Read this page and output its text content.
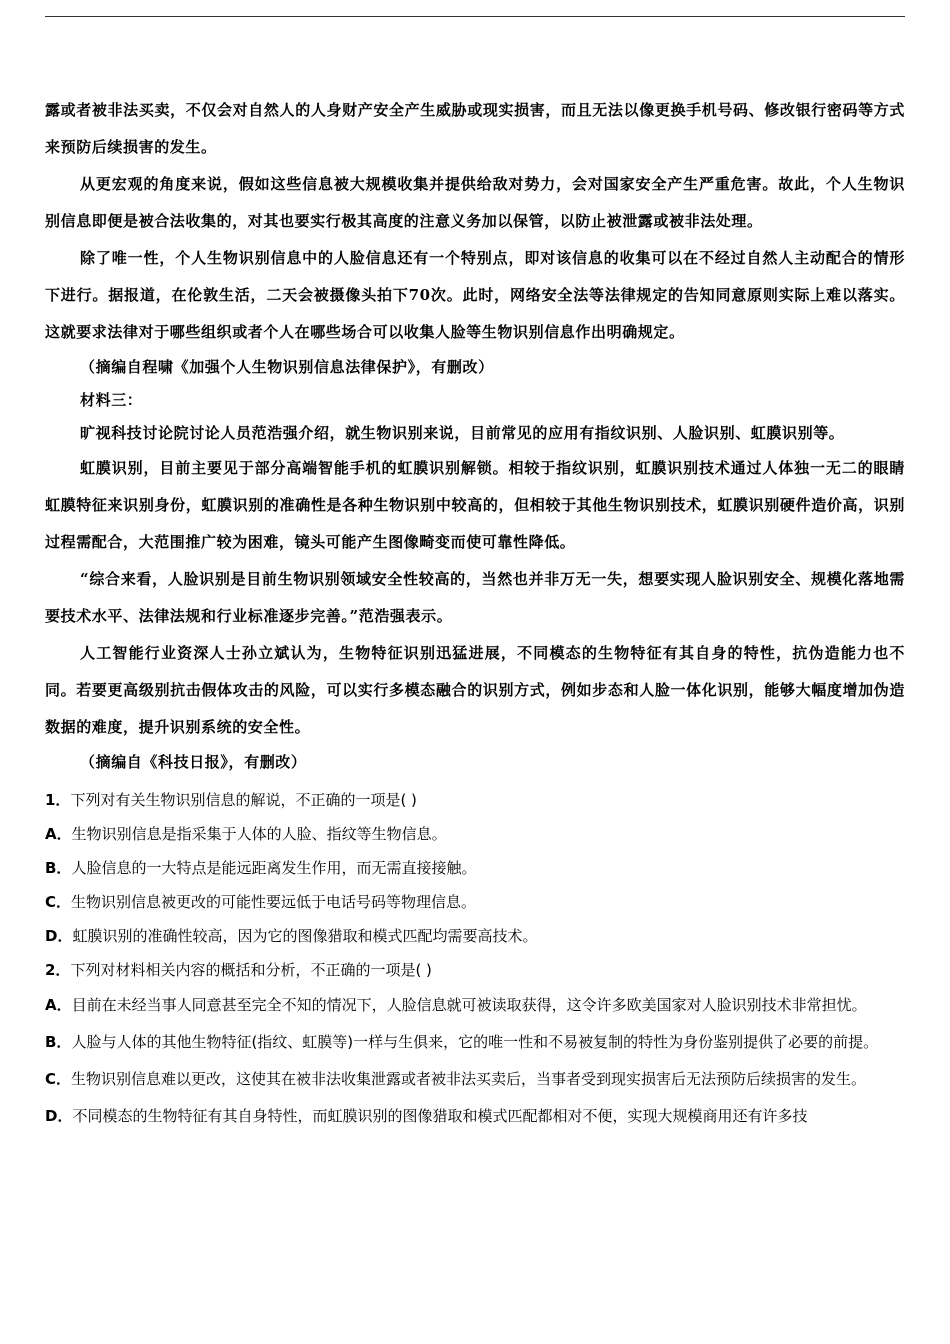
露或者被非法买卖，不仅会对自然人的人身财产安全产生威胁或现实损害，而且无法以像更换手机号码、修改银行密码等方式来预防后续损害的发生。

从更宏观的角度来说，假如这些信息被大规模收集并提供给敌对势力，会对国家安全产生严重危害。故此，个人生物识别信息即便是被合法收集的，对其也要实行极其高度的注意义务加以保管，以防止被泄露或被非法处理。

除了唯一性，个人生物识别信息中的人脸信息还有一个特别点，即对该信息的收集可以在不经过自然人主动配合的情形下进行。据报道，在伦敦生活，二天会被摄像头拍下70次。此时，网络安全法等法律规定的告知同意原则实际上难以落实。这就要求法律对于哪些组织或者个人在哪些场合可以收集人脸等生物识别信息作出明确规定。

（摘编自程啸《加强个人生物识别信息法律保护》，有删改）

材料三：

旷视科技讨论院讨论人员范浩强介绍，就生物识别来说，目前常见的应用有指纹识别、人脸识别、虹膜识别等。

虹膜识别，目前主要见于部分高端智能手机的虹膜识别解锁。相较于指纹识别，虹膜识别技术通过人体独一无二的眼睛虹膜特征来识别身份，虹膜识别的准确性是各种生物识别中较高的，但相较于其他生物识别技术，虹膜识别硬件造价高，识别过程需配合，大范围推广较为困难，镜头可能产生图像畸变而使可靠性降低。

“综合来看，人脸识别是目前生物识别领域安全性较高的，当然也并非万无一失，想要实现人脸识别安全、规模化落地需要技术水平、法律法规和行业标准逐步完善。”范浩强表示。

人工智能行业资深人士孙立斌认为，生物特征识别迅猛进展，不同模态的生物特征有其自身的特性，抗伪造能力也不同。若要更高级别抗击假体攻击的风险，可以实行多模态融合的识别方式，例如步态和人脸一体化识别，能够大幅度增加伪造数据的难度，提升识别系统的安全性。

（摘编自《科技日报》，有删改）

1．下列对有关生物识别信息的解说，不正确的一项是( )

A．生物识别信息是指采集于人体的人脸、指纹等生物信息。

B．人脸信息的一大特点是能远距离发生作用，而无需直接接触。

C．生物识别信息被更改的可能性要远低于电话号码等物理信息。

D．虹膜识别的准确性较高，因为它的图像猎取和模式匹配均需要高技术。

2．下列对材料相关内容的概括和分析，不正确的一项是( )

A．目前在未经当事人同意甚至完全不知的情况下，人脸信息就可被读取获得，这令许多欧美国家对人脸识别技术非常担忧。

B．人脸与人体的其他生物特征(指纹、虹膜等)一样与生俱来，它的唯一性和不易被复制的特性为身份鉴别提供了必要的前提。

C．生物识别信息难以更改，这使其在被非法收集泄露或者被非法买卖后，当事者受到现实损害后无法预防后续损害的发生。

D．不同模态的生物特征有其自身特性，而虹膜识别的图像猎取和模式匹配都相对不便，实现大规模商用还有许多技
